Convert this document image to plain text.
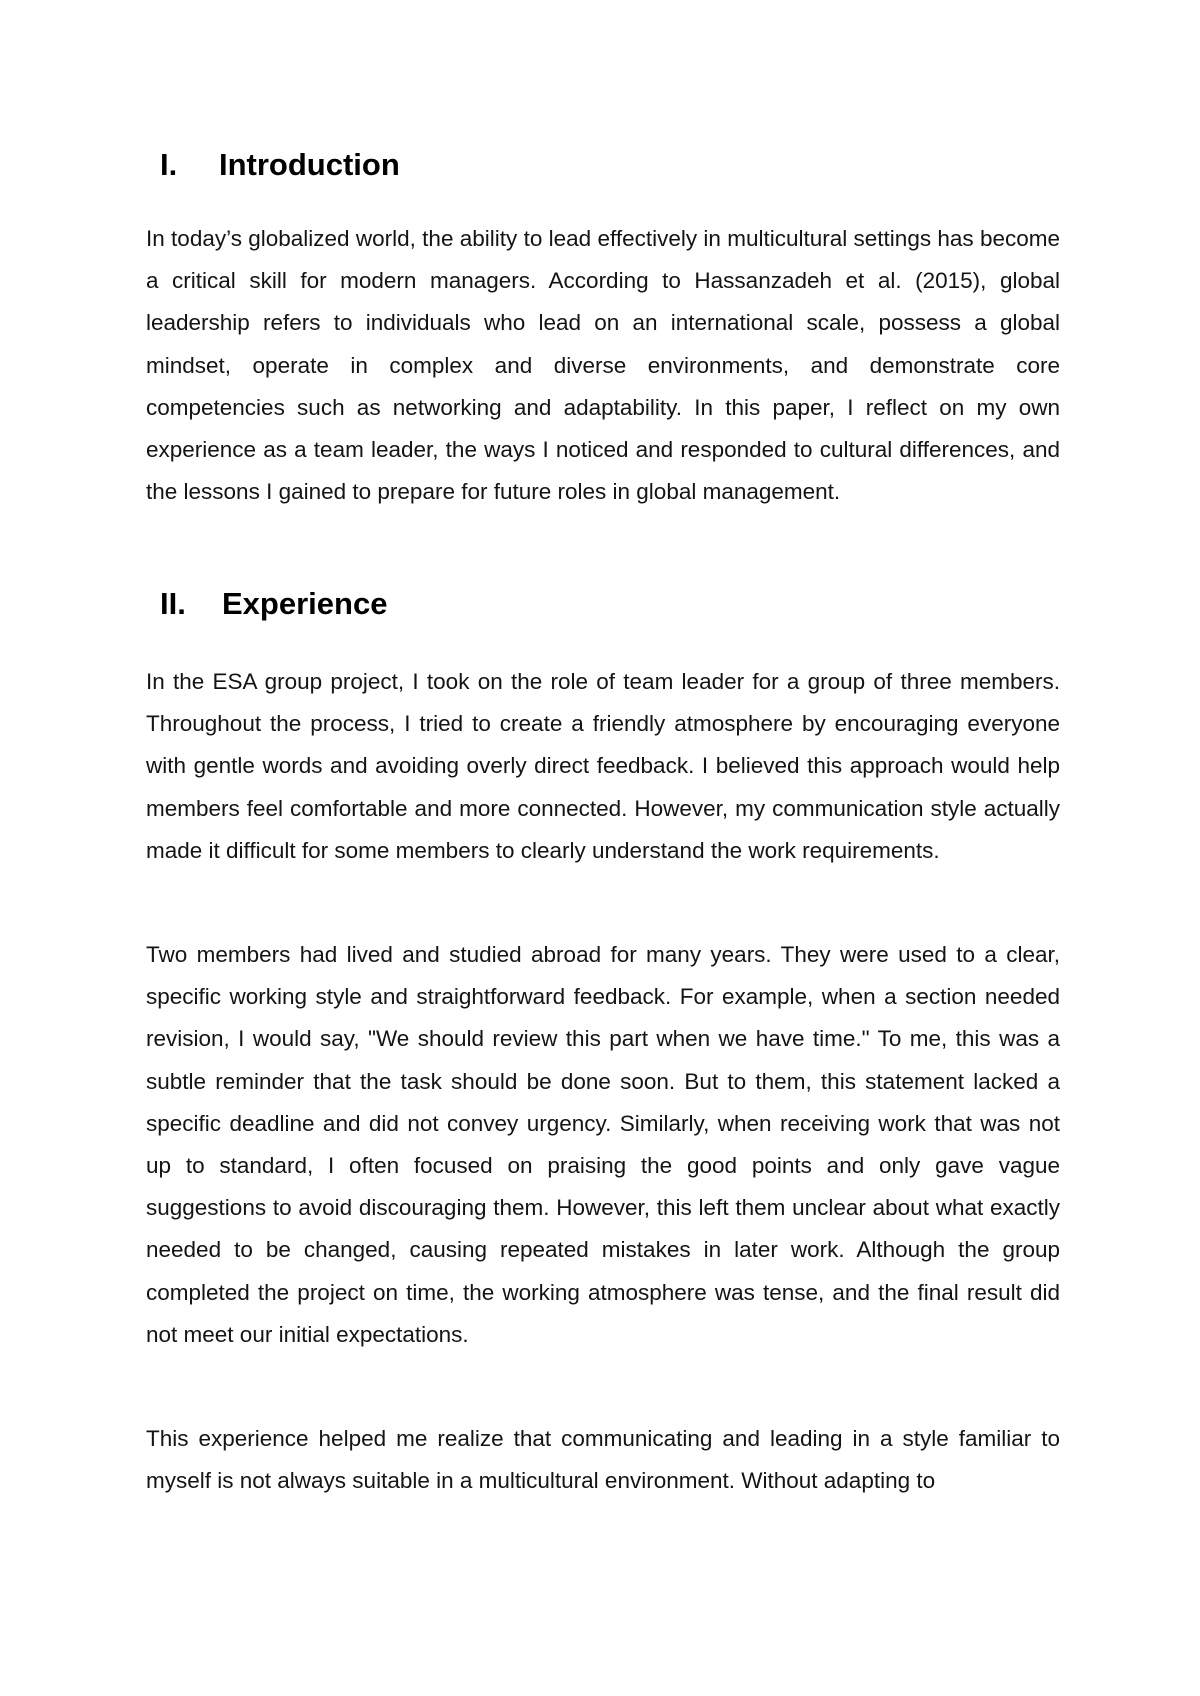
I. Introduction

In today’s globalized world, the ability to lead effectively in multicultural settings has become a critical skill for modern managers. According to Hassanzadeh et al. (2015), global leadership refers to individuals who lead on an international scale, possess a global mindset, operate in complex and diverse environments, and demonstrate core competencies such as networking and adaptability. In this paper, I reflect on my own experience as a team leader, the ways I noticed and responded to cultural differences, and the lessons I gained to prepare for future roles in global management.

II. Experience

In the ESA group project, I took on the role of team leader for a group of three members. Throughout the process, I tried to create a friendly atmosphere by encouraging everyone with gentle words and avoiding overly direct feedback. I believed this approach would help members feel comfortable and more connected. However, my communication style actually made it difficult for some members to clearly understand the work requirements.

Two members had lived and studied abroad for many years. They were used to a clear, specific working style and straightforward feedback. For example, when a section needed revision, I would say, "We should review this part when we have time." To me, this was a subtle reminder that the task should be done soon. But to them, this statement lacked a specific deadline and did not convey urgency. Similarly, when receiving work that was not up to standard, I often focused on praising the good points and only gave vague suggestions to avoid discouraging them. However, this left them unclear about what exactly needed to be changed, causing repeated mistakes in later work. Although the group completed the project on time, the working atmosphere was tense, and the final result did not meet our initial expectations.

This experience helped me realize that communicating and leading in a style familiar to myself is not always suitable in a multicultural environment. Without adapting to
